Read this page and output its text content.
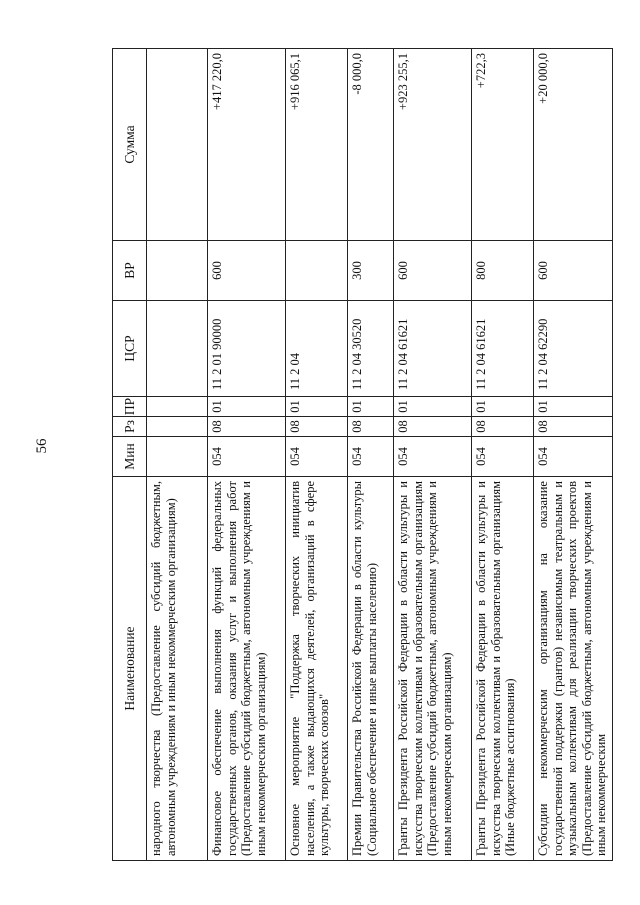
56
Наименование	Мин	Рз	ПР	ЦСР	ВР	Сумма
народного творчества (Предоставление субсидий бюджетным, автономным учреждениям и иным некоммерческим организациям)						
Финансовое обеспечение выполнения функций федеральных государственных органов, оказания услуг и выполнения работ (Предоставление субсидий бюджетным, автономным учреждениям и иным некоммерческим организациям)	054	08	01	11 2 01 90000	600	+417 220,0
Основное мероприятие "Поддержка творческих инициатив населения, а также выдающихся деятелей, организаций в сфере культуры, творческих союзов"	054	08	01	11 2 04		+916 065,1
Премии Правительства Российской Федерации в области культуры (Социальное обеспечение и иные выплаты населению)	054	08	01	11 2 04 30520	300	-8 000,0
Гранты Президента Российской Федерации в области культуры и искусства творческим коллективам и образовательным организациям (Предоставление субсидий бюджетным, автономным учреждениям и иным некоммерческим организациям)	054	08	01	11 2 04 61621	600	+923 255,1
Гранты Президента Российской Федерации в области культуры и искусства творческим коллективам и образовательным организациям (Иные бюджетные ассигнования)	054	08	01	11 2 04 61621	800	+722,3
Субсидии некоммерческим организациям на оказание государственной поддержки (грантов) независимым театральным и музыкальным коллективам для реализации творческих проектов (Предоставление субсидий бюджетным, автономным учреждениям и иным некоммерческим	054	08	01	11 2 04 62290	600	+20 000,0
